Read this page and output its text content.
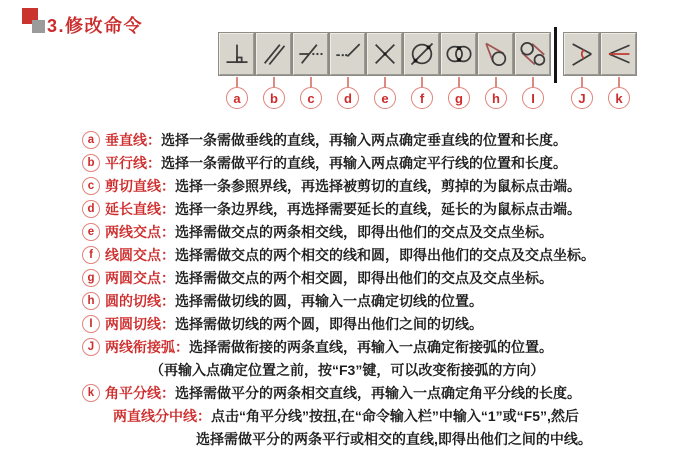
3.修改命令
a	b	c	d	e	f	g	h	I	J	k
a 垂直线： 选择一条需做垂线的直线，再输入两点确定垂直线的位置和长度。
b 平行线： 选择一条需做平行的直线，再输入两点确定平行线的位置和长度。
c 剪切直线： 选择一条参照界线，再选择被剪切的直线，剪掉的为鼠标点击端。
d 延长直线： 选择一条边界线，再选择需要延长的直线，延长的为鼠标点击端。
e 两线交点： 选择需做交点的两条相交线，即得出他们的交点及交点坐标。
f 线圆交点： 选择需做交点的两个相交的线和圆，即得出他们的交点及交点坐标。
g 两圆交点： 选择需做交点的两个相交圆，即得出他们的交点及交点坐标。
h 圆的切线： 选择需做切线的圆，再输入一点确定切线的位置。
I 两圆切线： 选择需做切线的两个圆，即得出他们之间的切线。
J 两线衔接弧： 选择需做衔接的两条直线，再输入一点确定衔接弧的位置。
（再输入点确定位置之前，按“F3”键，可以改变衔接弧的方向）
k 角平分线： 选择需做平分的两条相交直线，再输入一点确定角平分线的长度。
两直线分中线： 点击“角平分线”按扭,在“命令输入栏”中输入“1”或“F5”,然后
选择需做平分的两条平行或相交的直线,即得出他们之间的中线。
